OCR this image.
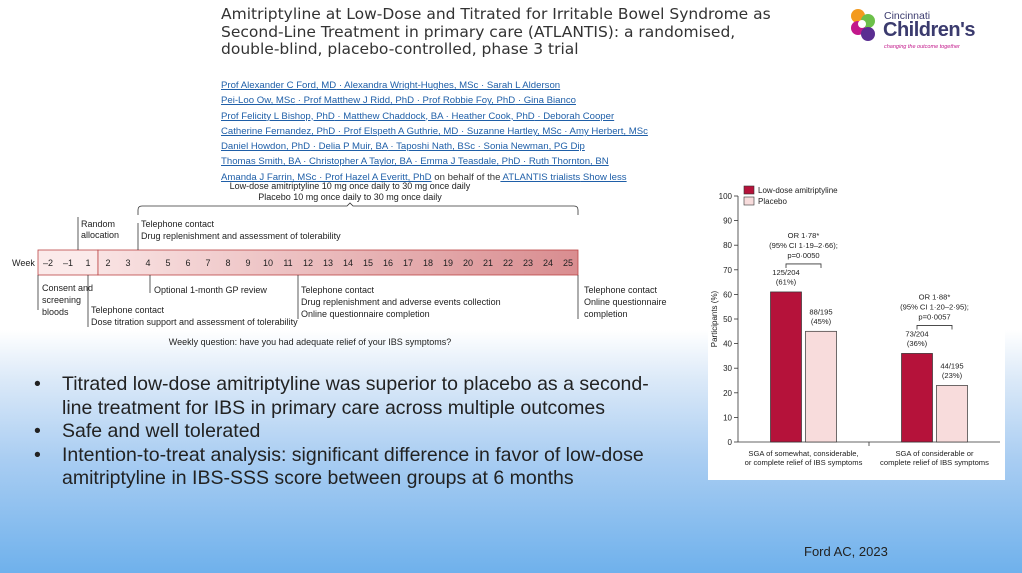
Amitriptyline at Low-Dose and Titrated for Irritable Bowel Syndrome as Second-Line Treatment in primary care (ATLANTIS): a randomised, double-blind, placebo-controlled, phase 3 trial
Prof Alexander C Ford, MD · Alexandra Wright-Hughes, MSc · Sarah L Alderson
Pei-Loo Ow, MSc · Prof Matthew J Ridd, PhD · Prof Robbie Foy, PhD · Gina Bianco
Prof Felicity L Bishop, PhD · Matthew Chaddock, BA · Heather Cook, PhD · Deborah Cooper
Catherine Fernandez, PhD · Prof Elspeth A Guthrie, MD · Suzanne Hartley, MSc · Amy Herbert, MSc
Daniel Howdon, PhD · Delia P Muir, BA · Taposhi Nath, BSc · Sonia Newman, PG Dip
Thomas Smith, BA · Christopher A Taylor, BA · Emma J Teasdale, PhD · Ruth Thornton, BN
Amanda J Farrin, MSc · Prof Hazel A Everitt, PhD on behalf of the ATLANTIS trialists Show less
Cincinnati
Children's
changing the outcome together
Low-dose amitriptyline 10 mg once daily to 30 mg once daily
Placebo 10 mg once daily to 30 mg once daily
Week –2 –1 1 2 3 4 5 6 7 8 9 10 11 12 13 14 15 16 17 18 19 20 21 22 23 24 25
Random
allocation
Telephone contact
Drug replenishment and assessment of tolerability
Consent and
screening
bloods Telephone contact
Dose titration support and assessment of tolerability
Optional 1-month GP review	Telephone contact
Drug replenishment and adverse events collection
Online questionnaire completion
Telephone contact
Online questionnaire
completion
Weekly question: have you had adequate relief of your IBS symptoms?
0
10
20
30
40
50
60
70
80
90
100
Participants (%)
Low-dose amitriptyline
Placebo
125/204
(61%)
88/195
(45%)
OR 1·78*
(95% CI 1·19–2·66);
p=0·0050
SGA of somewhat, considerable,
or complete relief of IBS symptoms
73/204
(36%)
44/195
(23%)
OR 1·88*
(95% CI 1·20–2·95);
p=0·0057
SGA of considerable or
complete relief of IBS symptoms
• Titrated low-dose amitriptyline was superior to placebo as a second-line treatment for IBS in primary care across multiple outcomes
• Safe and well tolerated
• Intention-to-treat analysis: significant difference in favor of low-dose amitriptyline in IBS-SSS score between groups at 6 months
Ford AC, 2023
